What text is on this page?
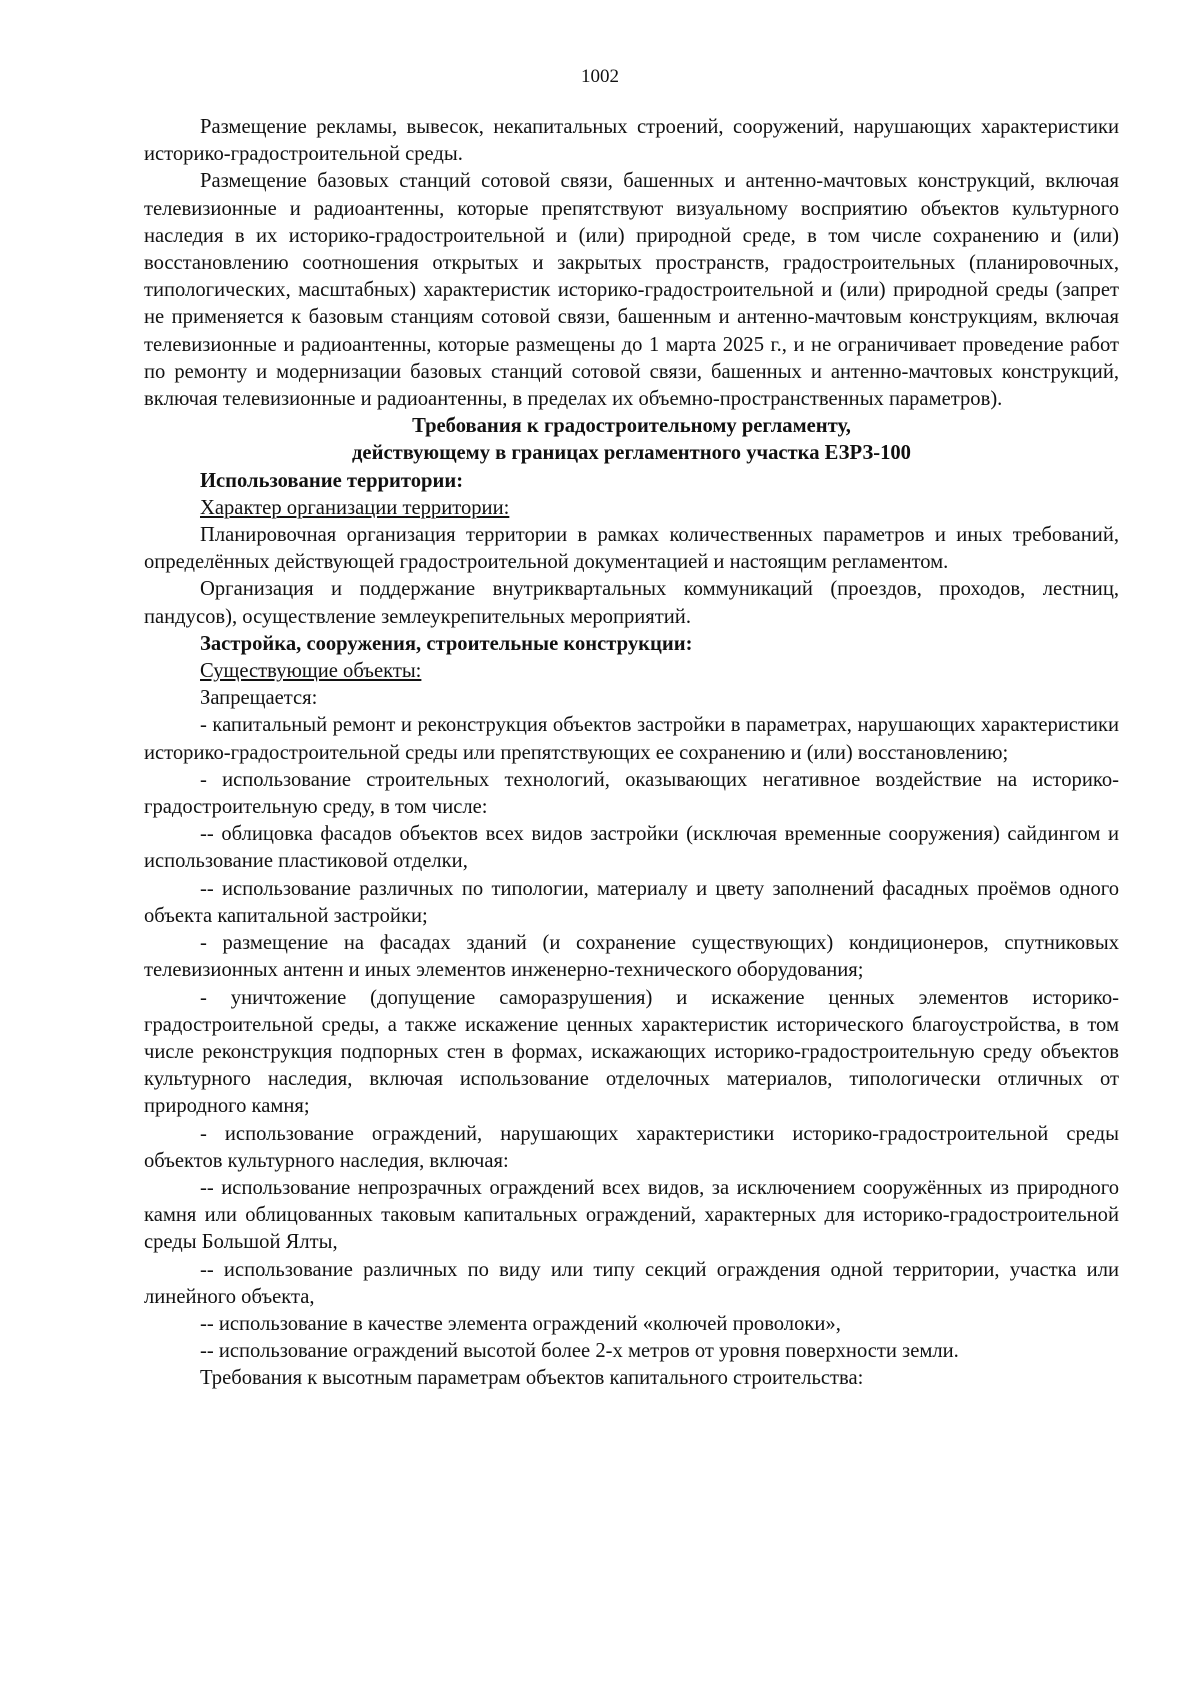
1002

Размещение рекламы, вывесок, некапитальных строений, сооружений, нарушающих характеристики историко-градостроительной среды.

Размещение базовых станций сотовой связи, башенных и антенно-мачтовых конструкций, включая телевизионные и радиоантенны, которые препятствуют визуальному восприятию объектов культурного наследия в их историко-градостроительной и (или) природной среде, в том числе сохранению и (или) восстановлению соотношения открытых и закрытых пространств, градостроительных (планировочных, типологических, масштабных) характеристик историко-градостроительной и (или) природной среды (запрет не применяется к базовым станциям сотовой связи, башенным и антенно-мачтовым конструкциям, включая телевизионные и радиоантенны, которые размещены до 1 марта 2025 г., и не ограничивает проведение работ по ремонту и модернизации базовых станций сотовой связи, башенных и антенно-мачтовых конструкций, включая телевизионные и радиоантенны, в пределах их объемно-пространственных параметров).

Требования к градостроительному регламенту,

действующему в границах регламентного участка ЕЗРЗ-100

Использование территории:

Характер организации территории:

Планировочная организация территории в рамках количественных параметров и иных требований, определённых действующей градостроительной документацией и настоящим регламентом.

Организация и поддержание внутриквартальных коммуникаций (проездов, проходов, лестниц, пандусов), осуществление землеукрепительных мероприятий.

Застройка, сооружения, строительные конструкции:

Существующие объекты:

Запрещается:

- капитальный ремонт и реконструкция объектов застройки в параметрах, нарушающих характеристики историко-градостроительной среды или препятствующих ее сохранению и (или) восстановлению;

- использование строительных технологий, оказывающих негативное воздействие на историко-градостроительную среду, в том числе:

-- облицовка фасадов объектов всех видов застройки (исключая временные сооружения) сайдингом и использование пластиковой отделки,

-- использование различных по типологии, материалу и цвету заполнений фасадных проёмов одного объекта капитальной застройки;

- размещение на фасадах зданий (и сохранение существующих) кондиционеров, спутниковых телевизионных антенн и иных элементов инженерно-технического оборудования;

- уничтожение (допущение саморазрушения) и искажение ценных элементов историко-градостроительной среды, а также искажение ценных характеристик исторического благоустройства, в том числе реконструкция подпорных стен в формах, искажающих историко-градостроительную среду объектов культурного наследия, включая использование отделочных материалов, типологически отличных от природного камня;

- использование ограждений, нарушающих характеристики историко-градостроительной среды объектов культурного наследия, включая:

-- использование непрозрачных ограждений всех видов, за исключением сооружённых из природного камня или облицованных таковым капитальных ограждений, характерных для историко-градостроительной среды Большой Ялты,

-- использование различных по виду или типу секций ограждения одной территории, участка или линейного объекта,

-- использование в качестве элемента ограждений «колючей проволоки»,

-- использование ограждений высотой более 2-х метров от уровня поверхности земли.

Требования к высотным параметрам объектов капитального строительства:
